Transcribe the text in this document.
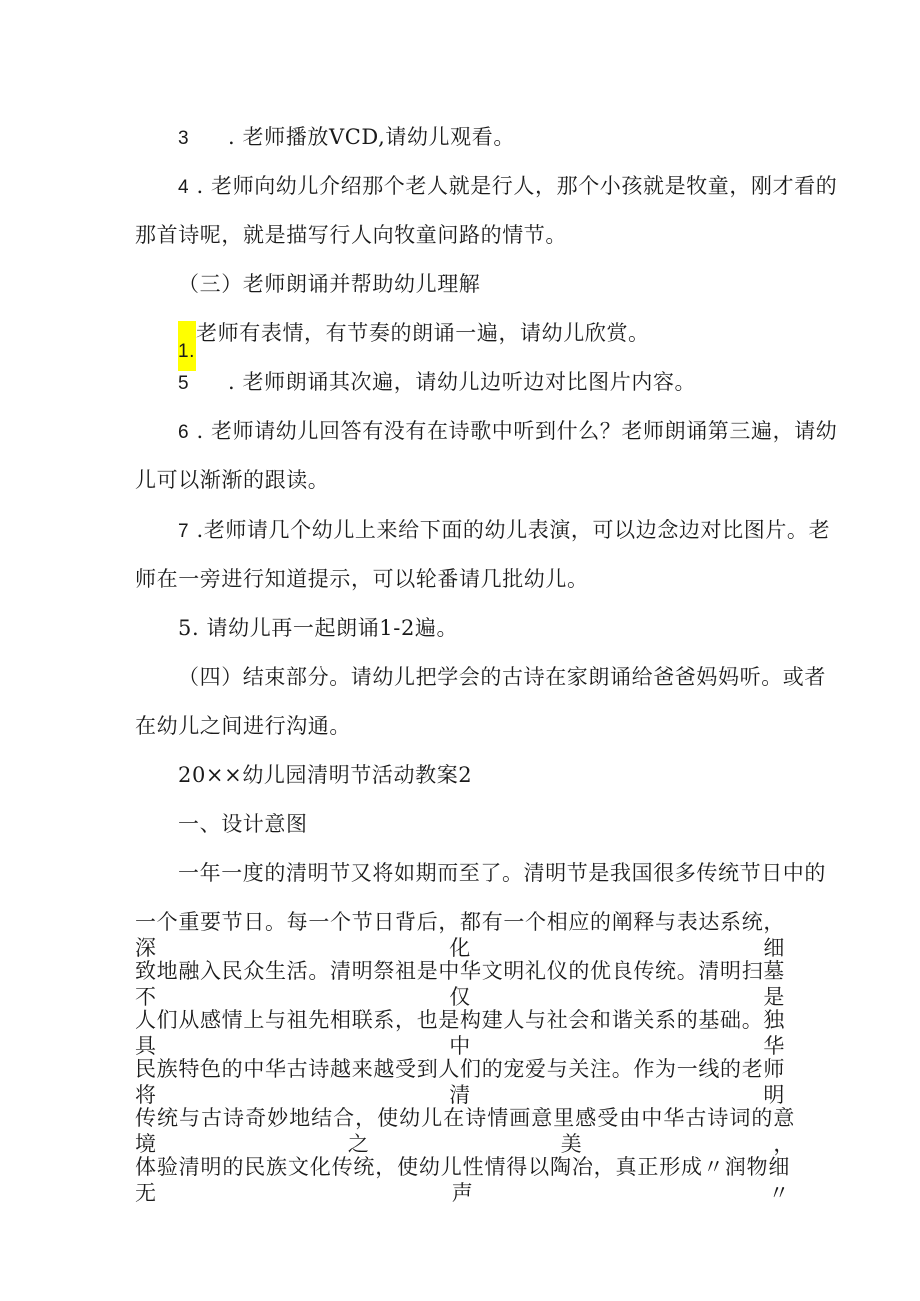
3 . 老师播放VCD,请幼儿观看。
4 . 老师向幼儿介绍那个老人就是行人，那个小孩就是牧童，刚才看的
那首诗呢，就是描写行人向牧童问路的情节。
（三）老师朗诵并帮助幼儿理解
1.老师有表情，有节奏的朗诵一遍，请幼儿欣赏。
5 . 老师朗诵其次遍，请幼儿边听边对比图片内容。
6 . 老师请幼儿回答有没有在诗歌中听到什么？老师朗诵第三遍，请幼
儿可以渐渐的跟读。
7 .老师请几个幼儿上来给下面的幼儿表演，可以边念边对比图片。老
师在一旁进行知道提示，可以轮番请几批幼儿。
5. 请幼儿再一起朗诵1-2遍。
（四）结束部分。请幼儿把学会的古诗在家朗诵给爸爸妈妈听。或者
在幼儿之间进行沟通。
20××幼儿园清明节活动教案2
一、设计意图
一年一度的清明节又将如期而至了。清明节是我国很多传统节日中的
一个重要节日。每一个节日背后，都有一个相应的阐释与表达系统，深化细
致地融入民众生活。清明祭祖是中华文明礼仪的优良传统。清明扫墓不仅是
人们从感情上与祖先相联系，也是构建人与社会和谐关系的基础。独具中华
民族特色的中华古诗越来越受到人们的宠爱与关注。作为一线的老师将清明
传统与古诗奇妙地结合，使幼儿在诗情画意里感受由中华古诗词的意境之美，
体验清明的民族文化传统，使幼儿性情得以陶冶，真正形成〃润物细无声〃
